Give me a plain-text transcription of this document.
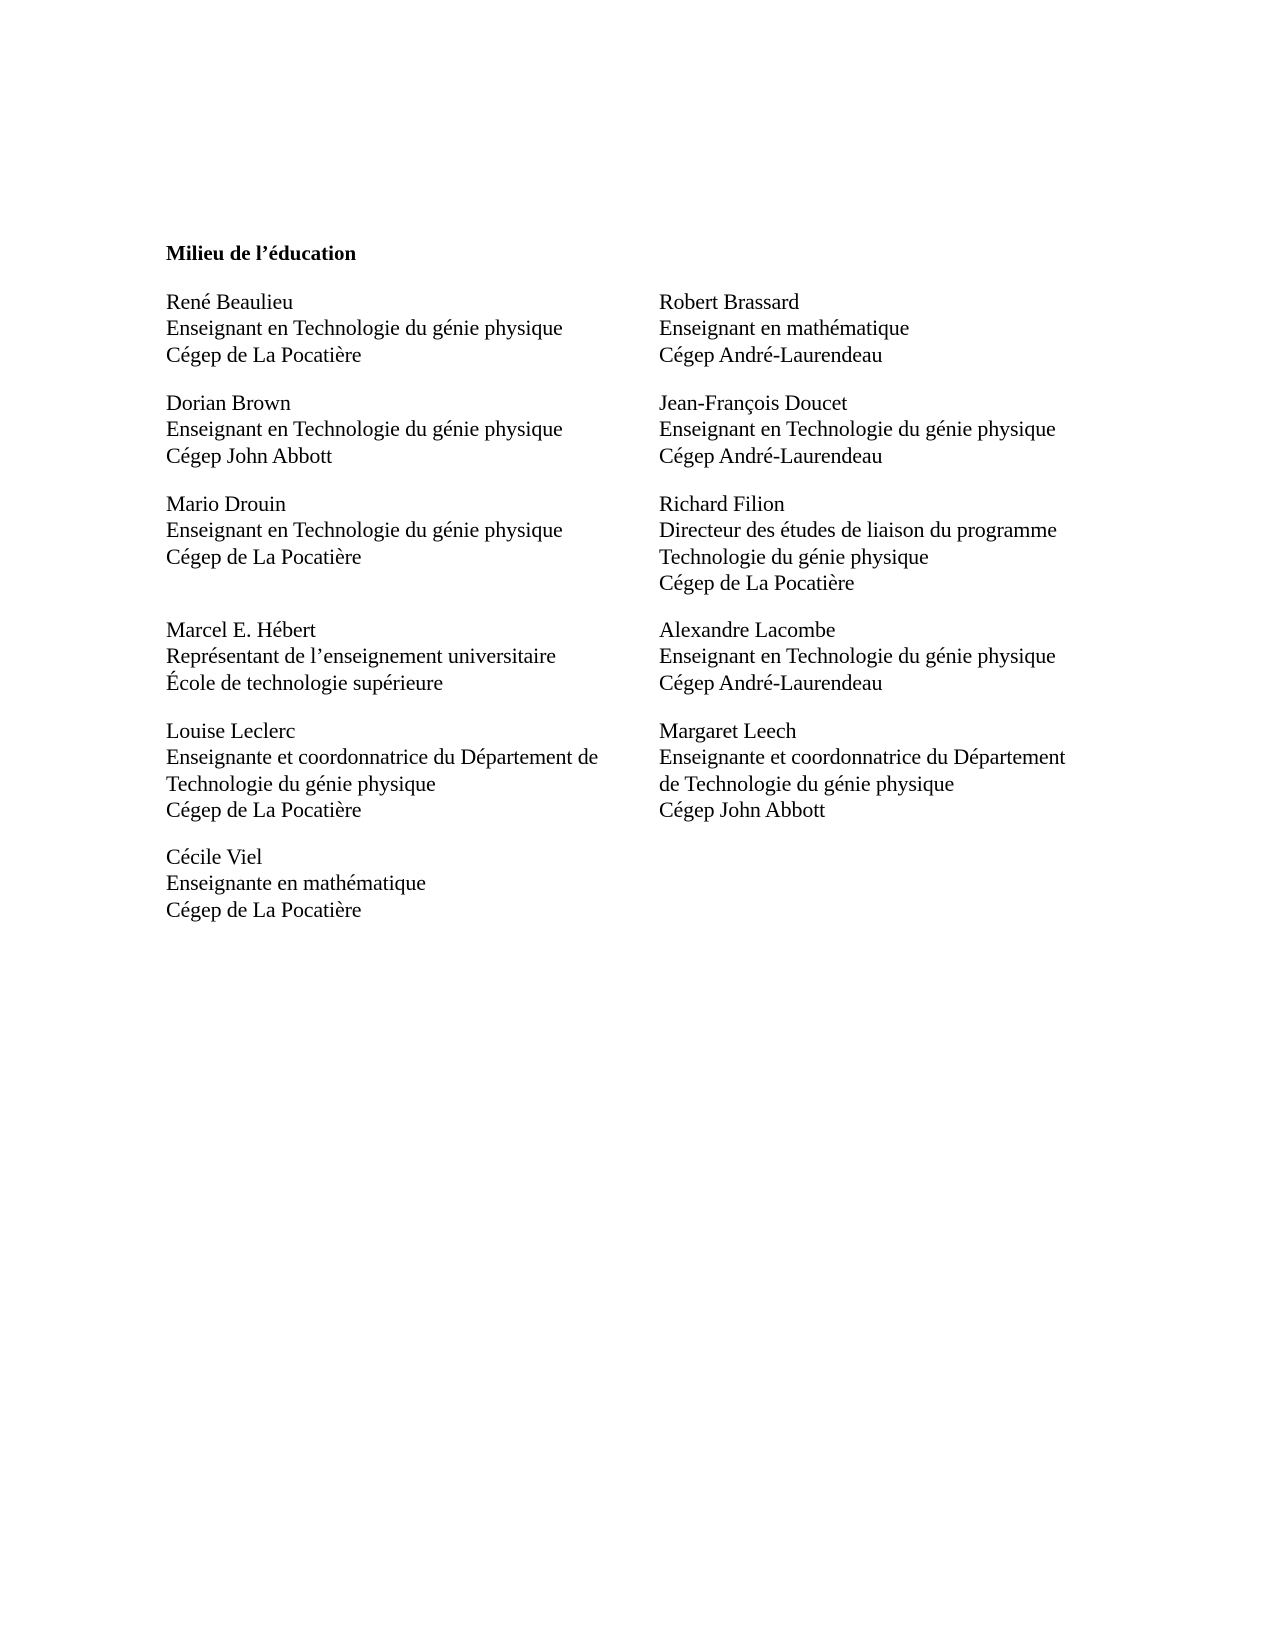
Milieu de l’éducation
René Beaulieu
Enseignant en Technologie du génie physique
Cégep de La Pocatière
Dorian Brown
Enseignant en Technologie du génie physique
Cégep John Abbott
Mario Drouin
Enseignant en Technologie du génie physique
Cégep de La Pocatière
Marcel E. Hébert
Représentant de l’enseignement universitaire
École de technologie supérieure
Louise Leclerc
Enseignante et coordonnatrice du Département de
Technologie du génie physique
Cégep de La Pocatière
Cécile Viel
Enseignante en mathématique
Cégep de La Pocatière
Robert Brassard
Enseignant en mathématique
Cégep André-Laurendeau
Jean-François Doucet
Enseignant en Technologie du génie physique
Cégep André-Laurendeau
Richard Filion
Directeur des études de liaison du programme
Technologie du génie physique
Cégep de La Pocatière
Alexandre Lacombe
Enseignant en Technologie du génie physique
Cégep André-Laurendeau
Margaret Leech
Enseignante et coordonnatrice du Département
de Technologie du génie physique
Cégep John Abbott
